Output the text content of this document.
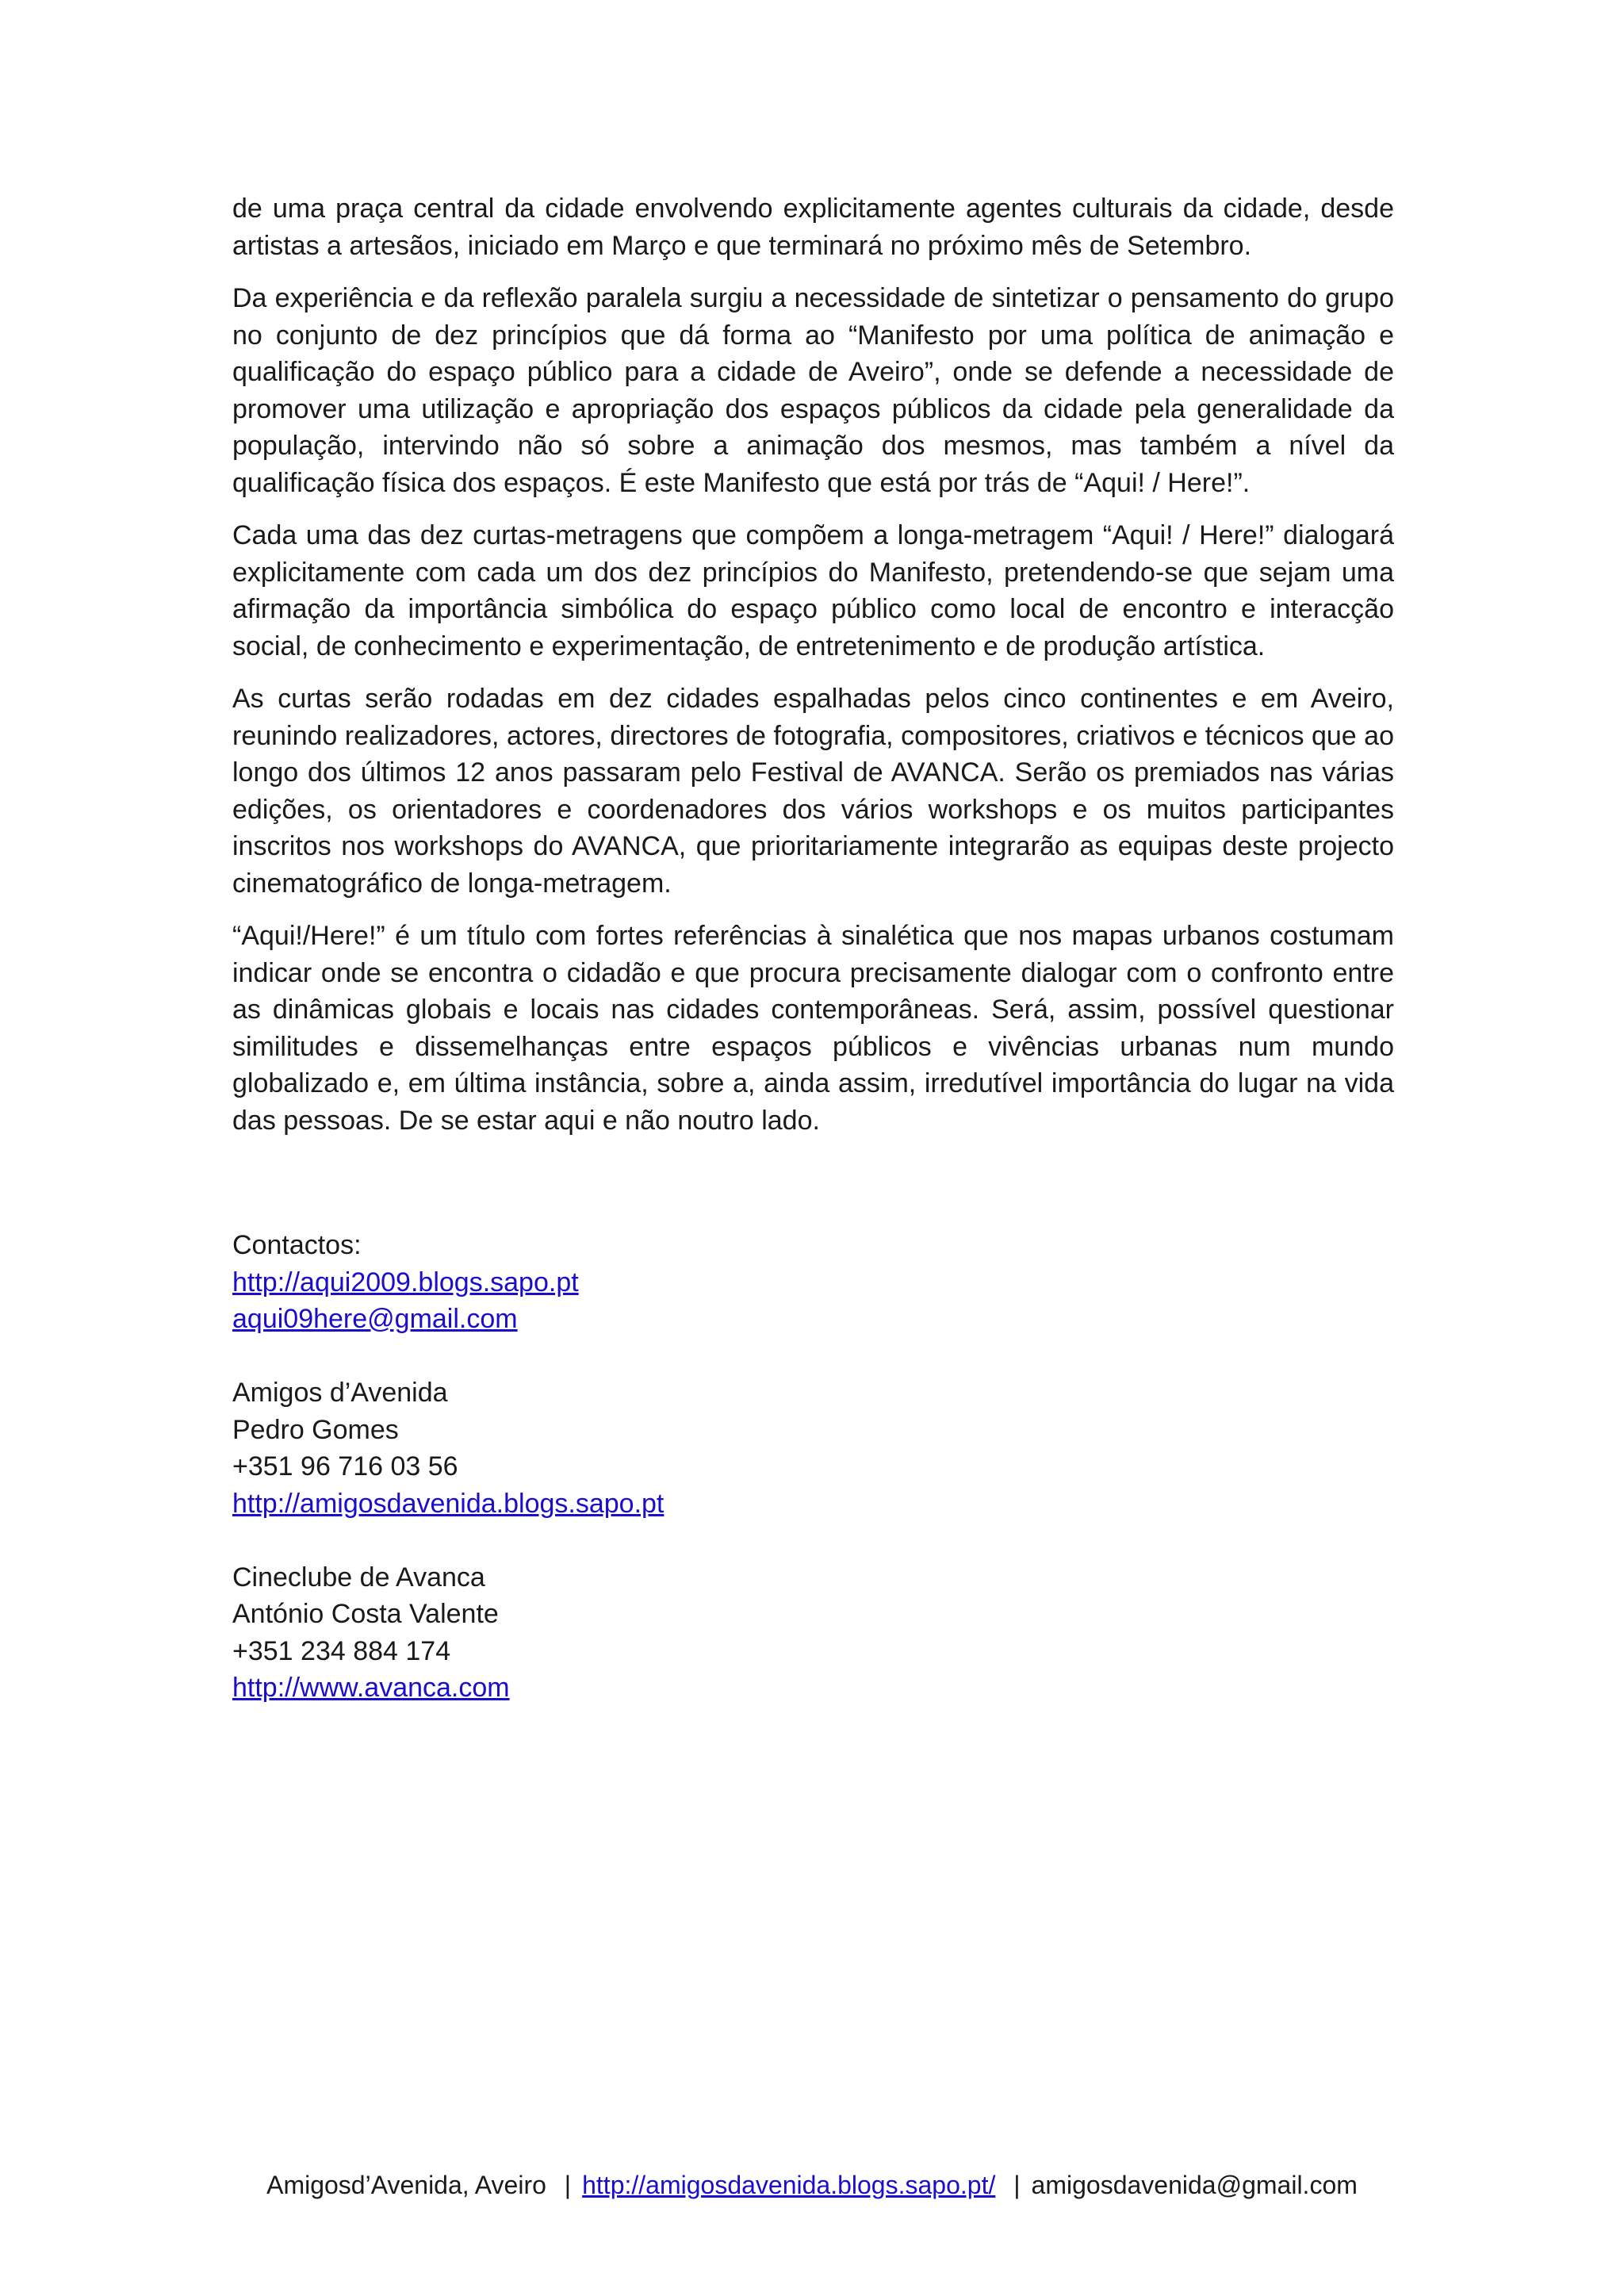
de uma praça central da cidade envolvendo explicitamente agentes culturais da cidade, desde artistas a artesãos, iniciado em Março e que terminará no próximo mês de Setembro.

Da experiência e da reflexão paralela surgiu a necessidade de sintetizar o pensamento do grupo no conjunto de dez princípios que dá forma ao “Manifesto por uma política de animação e qualificação do espaço público para a cidade de Aveiro”, onde se defende a necessidade de promover uma utilização e apropriação dos espaços públicos da cidade pela generalidade da população, intervindo não só sobre a animação dos mesmos, mas também a nível da qualificação física dos espaços. É este Manifesto que está por trás de “Aqui! / Here!”.

Cada uma das dez curtas-metragens que compõem a longa-metragem “Aqui! / Here!” dialogará explicitamente com cada um dos dez princípios do Manifesto, pretendendo-se que sejam uma afirmação da importância simbólica do espaço público como local de encontro e interacção social, de conhecimento e experimentação, de entretenimento e de produção artística.

As curtas serão rodadas em dez cidades espalhadas pelos cinco continentes e em Aveiro, reunindo realizadores, actores, directores de fotografia, compositores, criativos e técnicos que ao longo dos últimos 12 anos passaram pelo Festival de AVANCA. Serão os premiados nas várias edições, os orientadores e coordenadores dos vários workshops e os muitos participantes inscritos nos workshops do AVANCA, que prioritariamente integrarão as equipas deste projecto cinematográfico de longa-metragem.

“Aqui!/Here!” é um título com fortes referências à sinalética que nos mapas urbanos costumam indicar onde se encontra o cidadão e que procura precisamente dialogar com o confronto entre as dinâmicas globais e locais nas cidades contemporâneas. Será, assim, possível questionar similitudes e dissemelhanças entre espaços públicos e vivências urbanas num mundo globalizado e, em última instância, sobre a, ainda assim, irredutível importância do lugar na vida das pessoas. De se estar aqui e não noutro lado.

Contactos:
http://aqui2009.blogs.sapo.pt
aqui09here@gmail.com
Amigos d’Avenida
Pedro Gomes
+351 96 716 03 56
http://amigosdavenida.blogs.sapo.pt
Cineclube de Avanca
António Costa Valente
+351 234 884 174
http://www.avanca.com
Amigosd’Avenida, Aveiro | http://amigosdavenida.blogs.sapo.pt/ | amigosdavenida@gmail.com
